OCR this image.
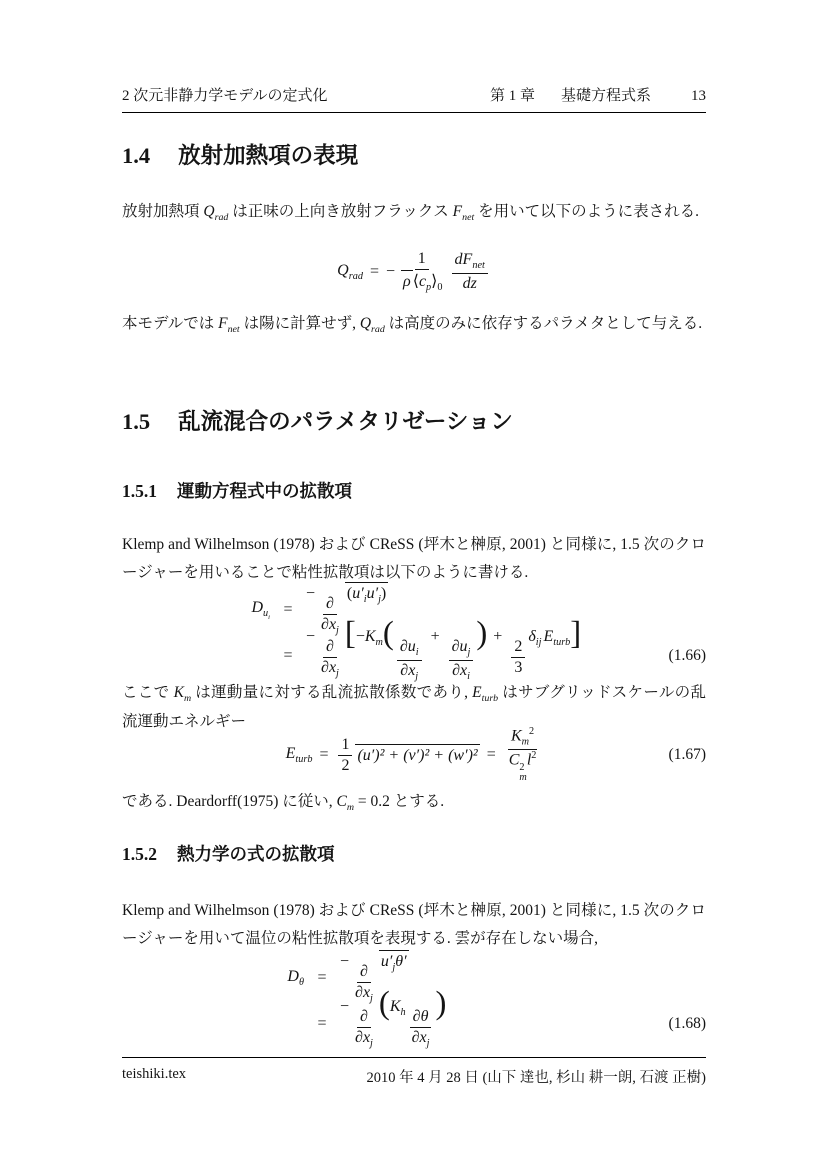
2 次元非静力学モデルの定式化	第 1 章 基礎方程式系	13
1.4 放射加熱項の表現

放射加熱項 $Q_{rad}$ は正味の上向き放射フラックス $F_{net}$ を用いて以下のように表される.

$Q_{rad}$ = − $\frac{1}{\rho ⟨c_p⟩_0} \frac{dF_{net}}{dz}$

本モデルでは $F_{net}$ は陽に計算せず, $Q_{rad}$ は高度のみに依存するパラメタとして与える.

1.5 乱流混合のパラメタリゼーション
1.5.1 運動方程式中の拡散項

Klemp and Wilhelmson (1978) および CReSS (坪木と榊原, 2001) と同様に, 1.5 次のクロージャーを用いることで粘性拡散項は以下のように書ける.

$D_{u_i}$ =
−
$\frac{\partial}{\partial x_j}$
$(u'_iu'_j)$
=
−
$\frac{\partial}{\partial x_j}$
[$-K_m$(
$\frac{\partial u_i}{\partial x_j}$
+
$\frac{\partial u_j}{\partial x_i}$
) +
$\frac{2}{3}$
$\delta_{ij}$ $E_{turb}$]
(1.66)

ここで $K_m$ は運動量に対する乱流拡散係数であり, $E_{turb}$ はサブグリッドスケールの乱流運動エネルギー

$E_{turb} = \frac{1}{2} (u')^2 + (v')^2 + (w')^2 = K_m^2$
C 2
m
$l^2$	(1.67)

である. Deardorff(1975) に従い, $C_m = 0.2$ とする.

1.5.2 熱力学の式の拡散項

Klemp and Wilhelmson (1978) および CReSS (坪木と榊原, 2001) と同様に, 1.5 次のクロージャーを用いて温位の粘性拡散項を表現する. 雲が存在しない場合,

$D_\theta$ =
−
$\frac{\partial}{\partial x_j}$
$u'_j\theta'$
=
−
$\frac{\partial}{\partial x_j}$
($K_h \frac{\partial\theta}{\partial x_j}$
)
(1.68)
teishiki.tex	2010 年 4 月 28 日 (山下 達也, 杉山 耕一朗, 石渡 正樹)
